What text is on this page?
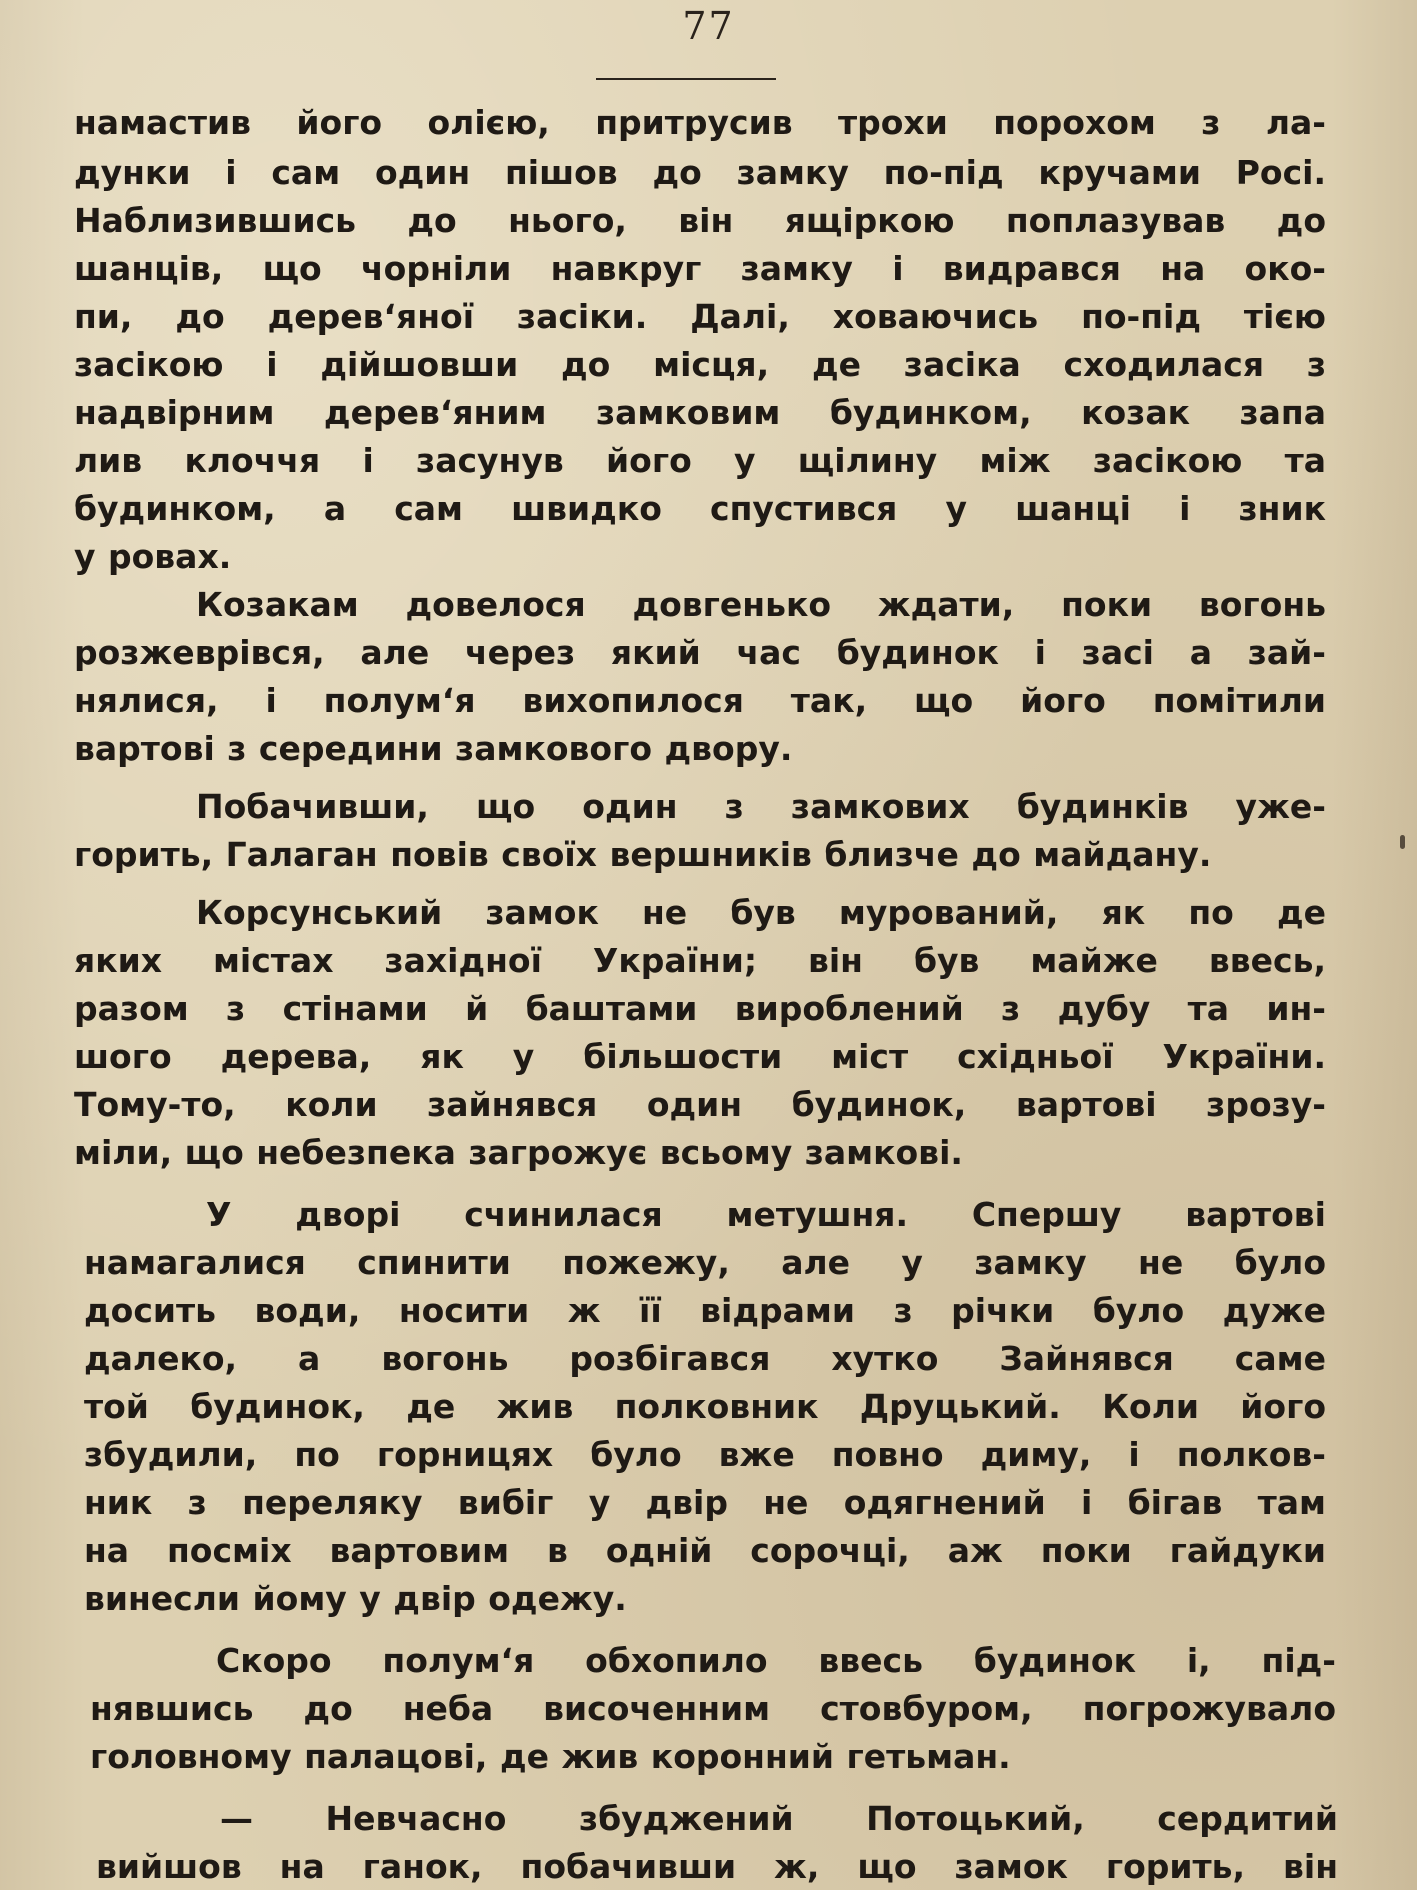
77
намастив його олією, притрусив трохи порохом з ла-
дунки і сам один пішов до замку по-під кручами Росі.
Наблизившись до нього, він ящіркою поплазував до
шанців, що чорніли навкруг замку і видрався на око-
пи, до дерев‘яної засіки. Далі, ховаючись по-під тією
засікою і дійшовши до місця, де засіка сходилася з
надвірним дерев‘яним замковим будинком, козак запа
лив клоччя і засунув його у щілину між засікою та
будинком, а сам швидко спустився у шанці і зник
у ровах.
Козакам довелося довгенько ждати, поки вогонь
розжеврівся, але через який час будинок і засі а зай-
нялися, і полум‘я вихопилося так, що його помітили
вартові з середини замкового двору.
Побачивши, що один з замкових будинків уже-
горить, Галаган повів своїх вершників близче до майдану.
Корсунський замок не був мурований, як по де
яких містах західної України; він був майже ввесь,
разом з стінами й баштами вироблений з дубу та ин-
шого дерева, як у більшости міст східньої України.
Тому-то, коли зайнявся один будинок, вартові зрозу-
міли, що небезпека загрожує всьому замкові.
У дворі счинилася метушня. Спершу вартові
намагалися спинити пожежу, але у замку не було
досить води, носити ж її відрами з річки було дуже
далеко, а вогонь розбігався хутко Зайнявся саме
той будинок, де жив полковник Друцький. Коли його
збудили, по горницях було вже повно диму, і полков-
ник з переляку вибіг у двір не одягнений і бігав там
на посміх вартовим в одній сорочці, аж поки гайдуки
винесли йому у двір одежу.
Скоро полум‘я обхопило ввесь будинок і, під-
нявшись до неба височенним стовбуром, погрожувало
головному палацові, де жив коронний гетьман.
— Невчасно збуджений Потоцький, сердитий
вийшов на ганок, побачивши ж, що замок горить, він
